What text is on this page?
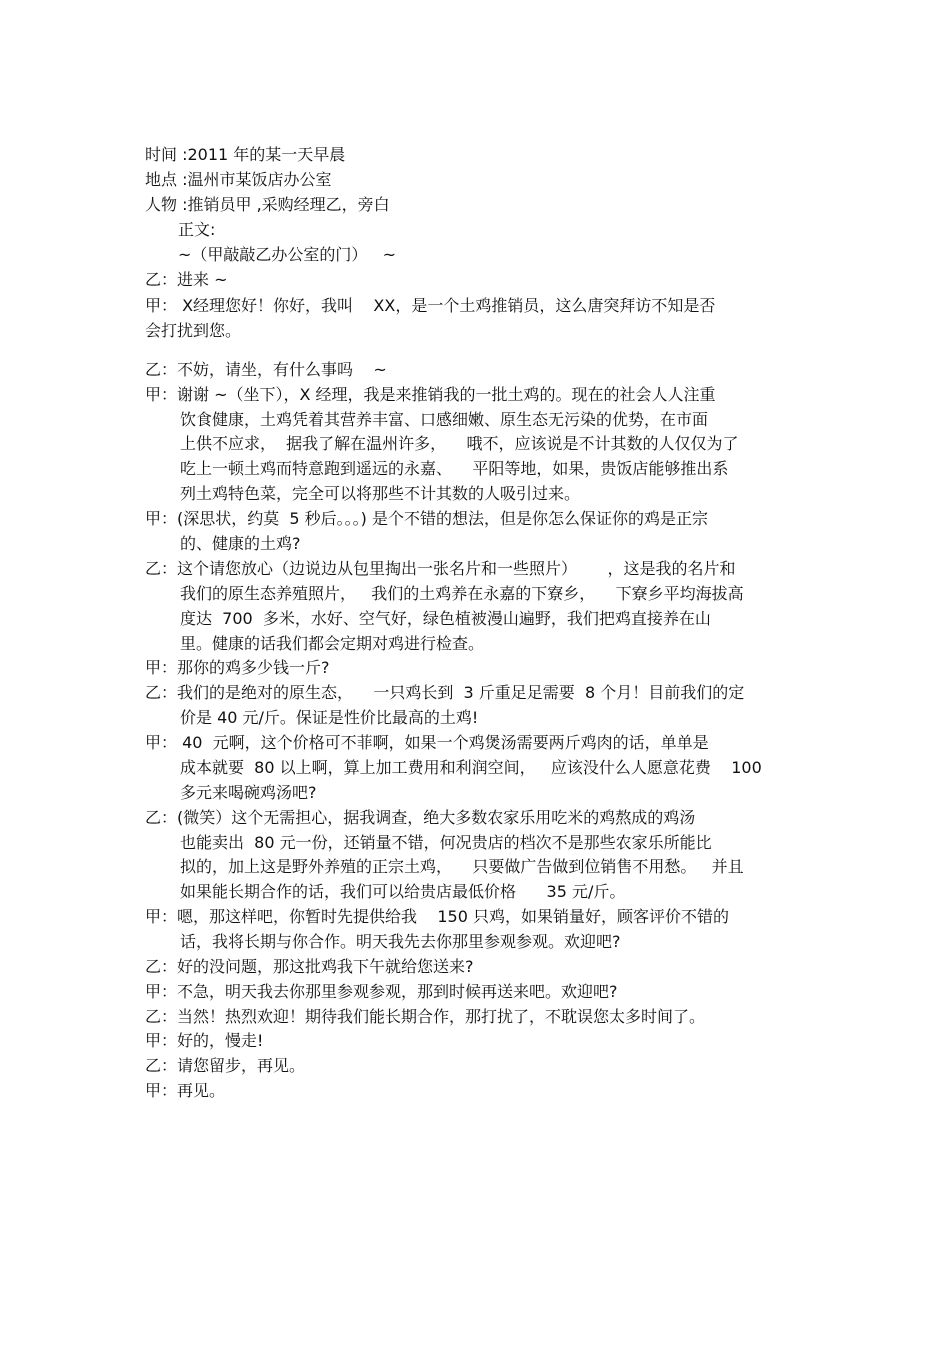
时间 :2011 年的某一天早晨
地点 :温州市某饭店办公室
人物 :推销员甲 ,采购经理乙，旁白
正文:
~（甲敲敲乙办公室的门）   ~
乙：进来 ~
甲： X经理您好！你好，我叫    XX，是一个土鸡推销员，这么唐突拜访不知是否
会打扰到您。
乙：不妨，请坐，有什么事吗    ~
甲：谢谢 ~（坐下），X 经理，我是来推销我的一批土鸡的。现在的社会人人注重
饮食健康，土鸡凭着其营养丰富、口感细嫩、原生态无污染的优势，在市面
上供不应求，  据我了解在温州许多，    哦不，应该说是不计其数的人仅仅为了
吃上一顿土鸡而特意跑到遥远的永嘉、    平阳等地，如果，贵饭店能够推出系
列土鸡特色菜，完全可以将那些不计其数的人吸引过来。
甲：(深思状，约莫  5 秒后。。。) 是个不错的想法，但是你怎么保证你的鸡是正宗
的、健康的土鸡?
乙：这个请您放心（边说边从包里掏出一张名片和一些照片）      ，这是我的名片和
我们的原生态养殖照片，   我们的土鸡养在永嘉的下寮乡，    下寮乡平均海拔高
度达  700  多米，水好、空气好，绿色植被漫山遍野，我们把鸡直接养在山
里。健康的话我们都会定期对鸡进行检查。
甲：那你的鸡多少钱一斤?
乙：我们的是绝对的原生态，    一只鸡长到  3 斤重足足需要  8 个月！目前我们的定
价是 40 元/斤。保证是性价比最高的土鸡!
甲： 40  元啊，这个价格可不菲啊，如果一个鸡煲汤需要两斤鸡肉的话，单单是
成本就要  80 以上啊，算上加工费用和利润空间，   应该没什么人愿意花费    100
多元来喝碗鸡汤吧?
乙：(微笑）这个无需担心，据我调查，绝大多数农家乐用吃米的鸡熬成的鸡汤
也能卖出  80 元一份，还销量不错，何况贵店的档次不是那些农家乐所能比
拟的，加上这是野外养殖的正宗土鸡，    只要做广告做到位销售不用愁。   并且
如果能长期合作的话，我们可以给贵店最低价格      35 元/斤。
甲：嗯，那这样吧，你暂时先提供给我    150 只鸡，如果销量好，顾客评价不错的
话，我将长期与你合作。明天我先去你那里参观参观。欢迎吧?
乙：好的没问题，那这批鸡我下午就给您送来?
甲：不急，明天我去你那里参观参观，那到时候再送来吧。欢迎吧?
乙：当然！热烈欢迎！期待我们能长期合作，那打扰了，不耽误您太多时间了。
甲：好的，慢走!
乙：请您留步，再见。
甲：再见。
